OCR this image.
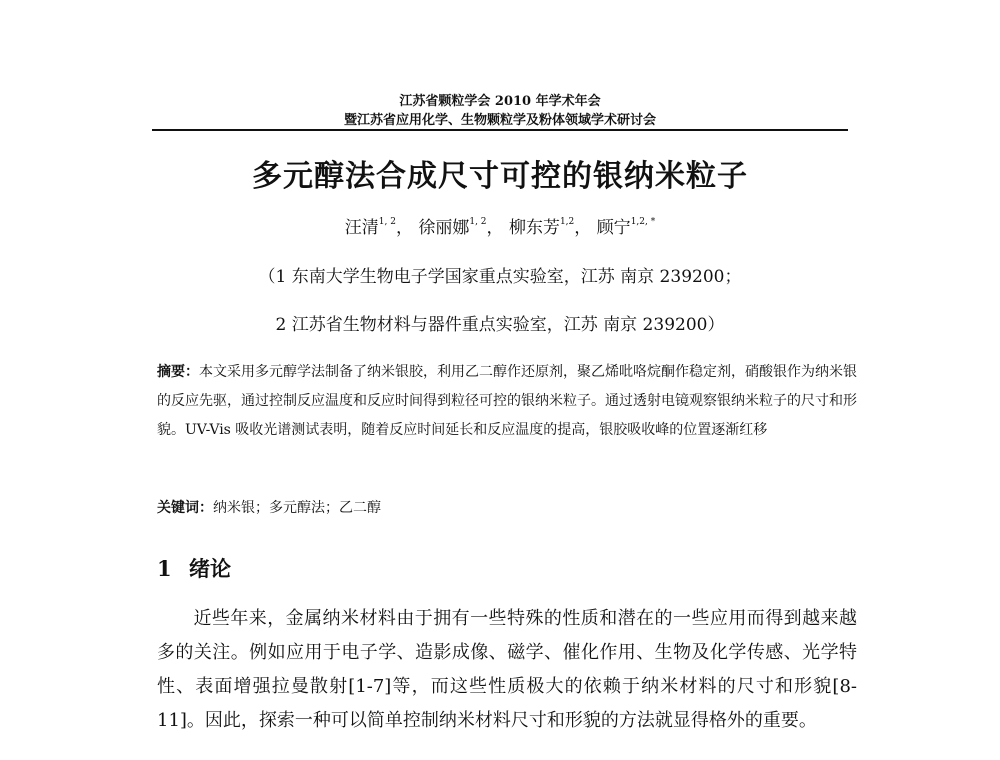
江苏省颗粒学会 2010 年学术年会
暨江苏省应用化学、生物颗粒学及粉体领域学术研讨会
多元醇法合成尺寸可控的银纳米粒子
汪清$^{1, 2}$， 徐丽娜$^{1, 2}$， 柳东芳$^{1,2}$， 顾宁$^{1,2, *}$
（1 东南大学生物电子学国家重点实验室，江苏 南京 239200；
2 江苏省生物材料与器件重点实验室，江苏 南京 239200）
摘要：本文采用多元醇学法制备了纳米银胶，利用乙二醇作还原剂，聚乙烯吡咯烷酮作稳定剂，硝酸银作为纳米银的反应先驱，通过控制反应温度和反应时间得到粒径可控的银纳米粒子。通过透射电镜观察银纳米粒子的尺寸和形貌。UV-Vis 吸收光谱测试表明，随着反应时间延长和反应温度的提高，银胶吸收峰的位置逐渐红移
关键词：纳米银；多元醇法；乙二醇
1 绪论
近些年来，金属纳米材料由于拥有一些特殊的性质和潜在的一些应用而得到越来越多的关注。例如应用于电子学、造影成像、磁学、催化作用、生物及化学传感、光学特性、表面增强拉曼散射[1-7]等，而这些性质极大的依赖于纳米材料的尺寸和形貌[8-11]。因此，探索一种可以简单控制纳米材料尺寸和形貌的方法就显得格外的重要。
